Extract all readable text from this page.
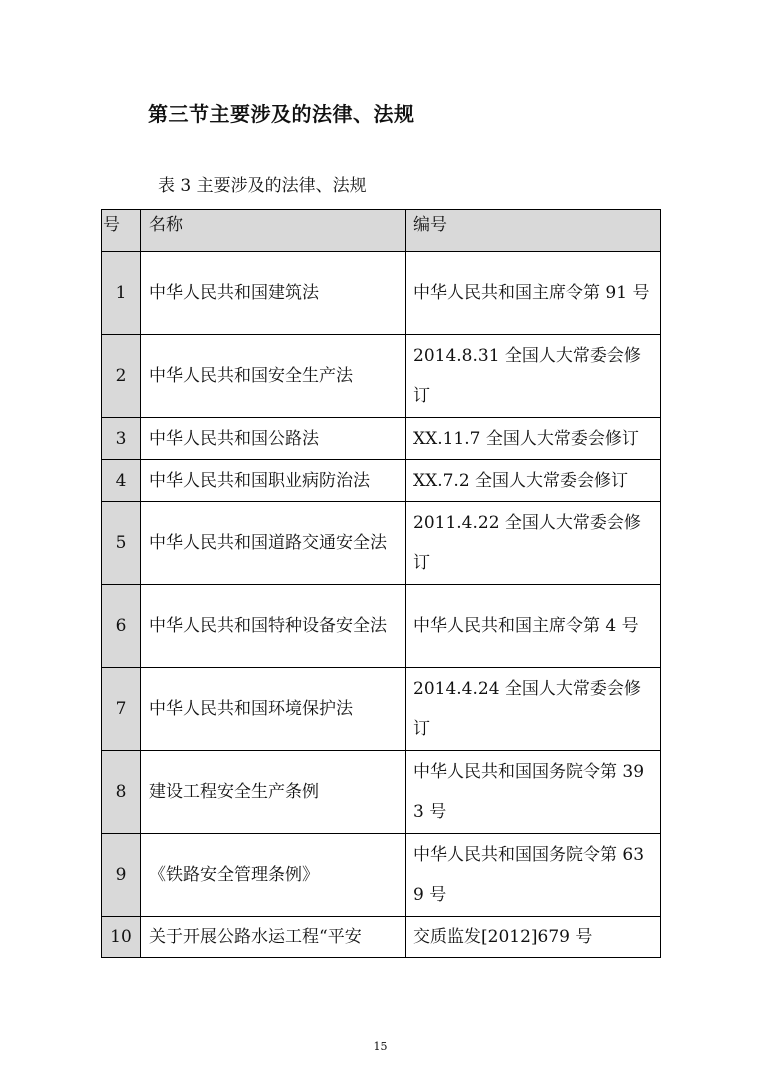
第三节主要涉及的法律、法规
表 3 主要涉及的法律、法规
号	名称	编号
1	中华人民共和国建筑法	中华人民共和国主席令第 91 号
2	中华人民共和国安全生产法	2014.8.31 全国人大常委会修订
3	中华人民共和国公路法	XX.11.7 全国人大常委会修订
4	中华人民共和国职业病防治法	XX.7.2 全国人大常委会修订
5	中华人民共和国道路交通安全法	2011.4.22 全国人大常委会修订
6	中华人民共和国特种设备安全法	中华人民共和国主席令第 4 号
7	中华人民共和国环境保护法	2014.4.24 全国人大常委会修订
8	建设工程安全生产条例	中华人民共和国国务院令第 393 号
9	《铁路安全管理条例》	中华人民共和国国务院令第 639 号
10	关于开展公路水运工程“平安	交质监发[2012]679 号
15
